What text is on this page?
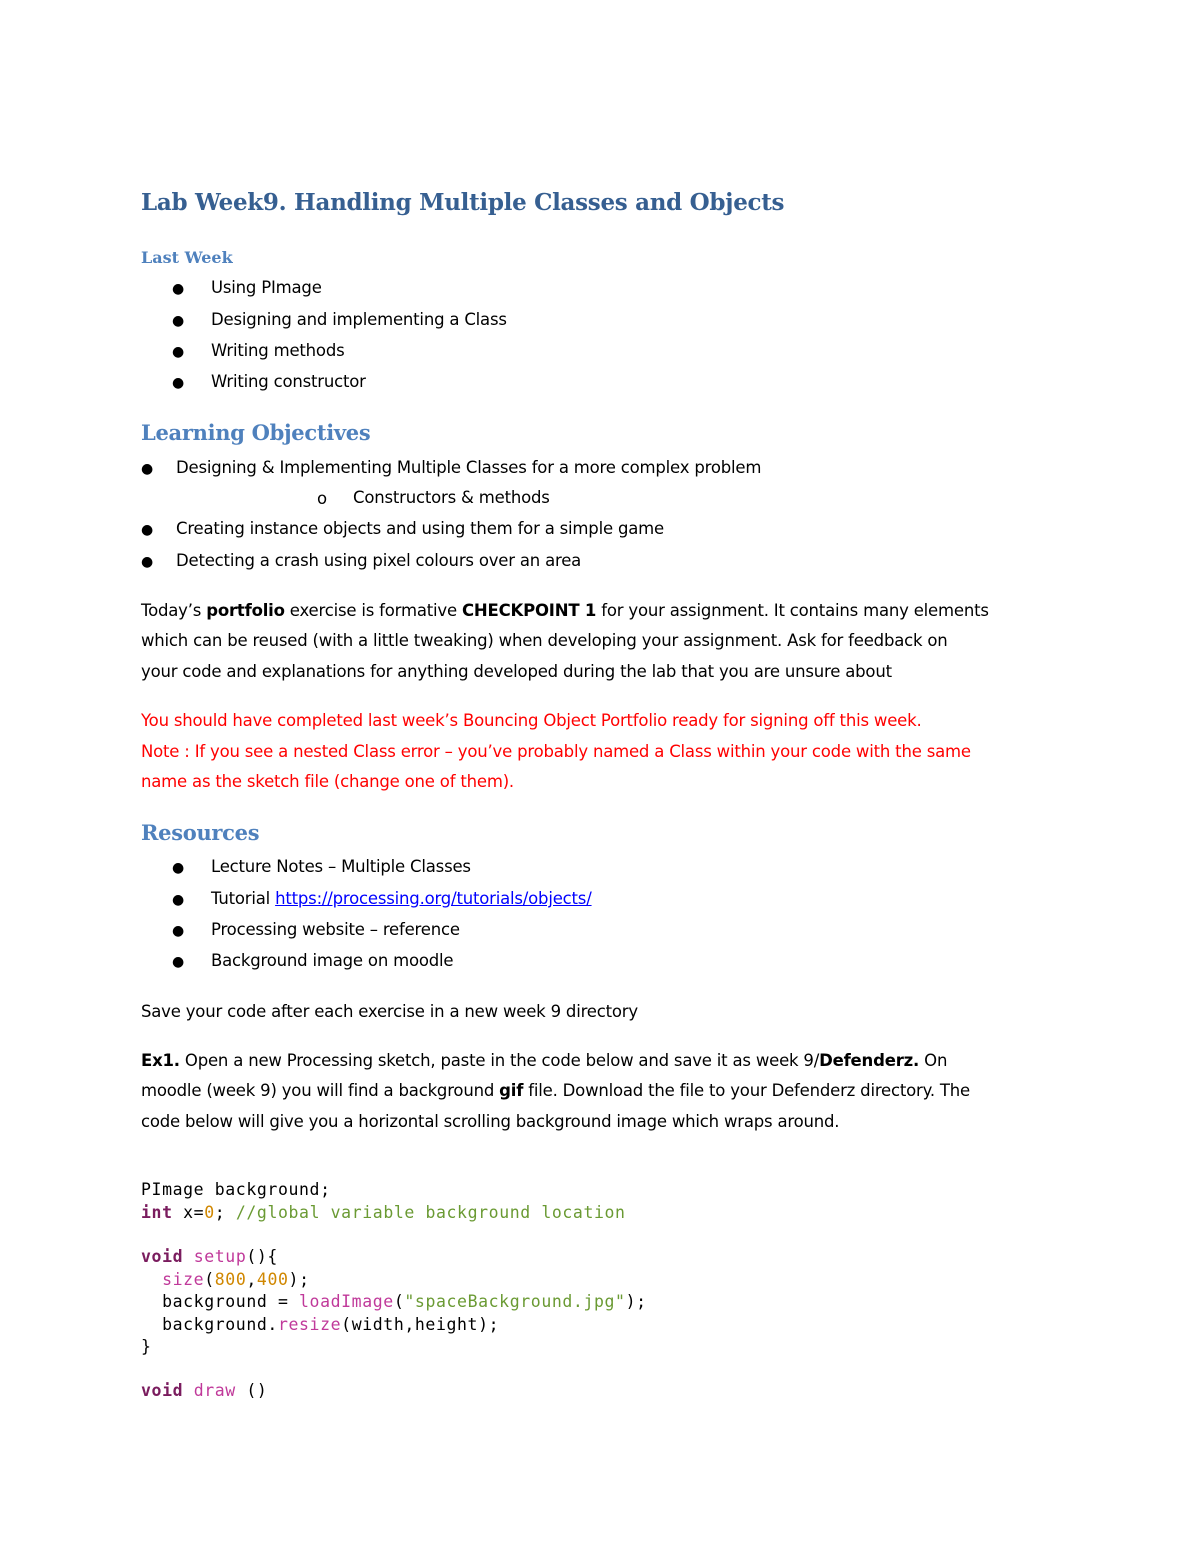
Lab Week9. Handling Multiple Classes and Objects
Last Week
● Using PImage
● Designing and implementing a Class
● Writing methods
● Writing constructor
Learning Objectives
● Designing & Implementing Multiple Classes for a more complex problem
o Constructors & methods
● Creating instance objects and using them for a simple game
● Detecting a crash using pixel colours over an area
Today’s portfolio exercise is formative CHECKPOINT 1 for your assignment. It contains many elements
which can be reused (with a little tweaking) when developing your assignment. Ask for feedback on
your code and explanations for anything developed during the lab that you are unsure about
You should have completed last week’s Bouncing Object Portfolio ready for signing off this week.
Note : If you see a nested Class error – you’ve probably named a Class within your code with the same
name as the sketch file (change one of them).
Resources
● Lecture Notes – Multiple Classes
● Tutorial https://processing.org/tutorials/objects/
● Processing website – reference
● Background image on moodle
Save your code after each exercise in a new week 9 directory
Ex1. Open a new Processing sketch, paste in the code below and save it as week 9/Defenderz. On
moodle (week 9) you will find a background gif file. Download the file to your Defenderz directory. The
code below will give you a horizontal scrolling background image which wraps around.
PImage background;
int x=0; //global variable background location
void setup(){
size(800,400);
background = loadImage("spaceBackground.jpg");
background.resize(width,height);
}
void draw ()
